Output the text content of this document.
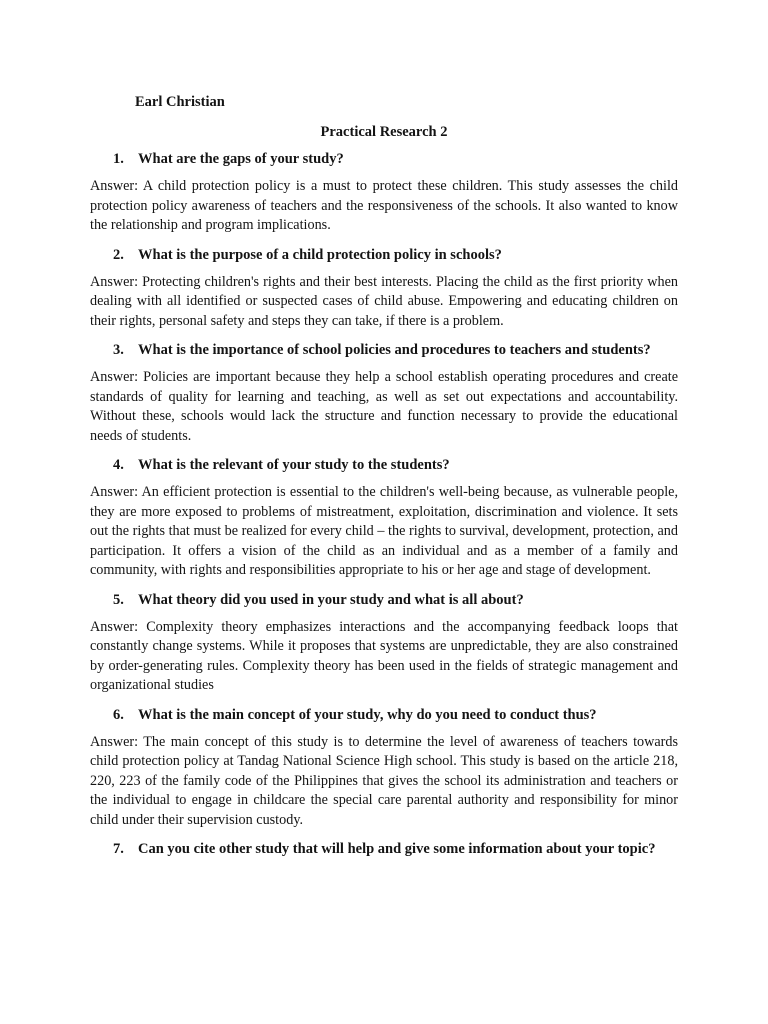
Earl Christian
Practical Research 2
1. What are the gaps of your study?

Answer: A child protection policy is a must to protect these children. This study assesses the child protection policy awareness of teachers and the responsiveness of the schools. It also wanted to know the relationship and program implications.

2. What is the purpose of a child protection policy in schools?

Answer: Protecting children's rights and their best interests. Placing the child as the first priority when dealing with all identified or suspected cases of child abuse. Empowering and educating children on their rights, personal safety and steps they can take, if there is a problem.

3. What is the importance of school policies and procedures to teachers and students?

Answer: Policies are important because they help a school establish operating procedures and create standards of quality for learning and teaching, as well as set out expectations and accountability. Without these, schools would lack the structure and function necessary to provide the educational needs of students.

4. What is the relevant of your study to the students?

Answer: An efficient protection is essential to the children's well-being because, as vulnerable people, they are more exposed to problems of mistreatment, exploitation, discrimination and violence. It sets out the rights that must be realized for every child – the rights to survival, development, protection, and participation. It offers a vision of the child as an individual and as a member of a family and community, with rights and responsibilities appropriate to his or her age and stage of development.

5. What theory did you used in your study and what is all about?

Answer: Complexity theory emphasizes interactions and the accompanying feedback loops that constantly change systems. While it proposes that systems are unpredictable, they are also constrained by order-generating rules. Complexity theory has been used in the fields of strategic management and organizational studies

6. What is the main concept of your study, why do you need to conduct thus?

Answer: The main concept of this study is to determine the level of awareness of teachers towards child protection policy at Tandag National Science High school. This study is based on the article 218, 220, 223 of the family code of the Philippines that gives the school its administration and teachers or the individual to engage in childcare the special care parental authority and responsibility for minor child under their supervision custody.

7. Can you cite other study that will help and give some information about your topic?
